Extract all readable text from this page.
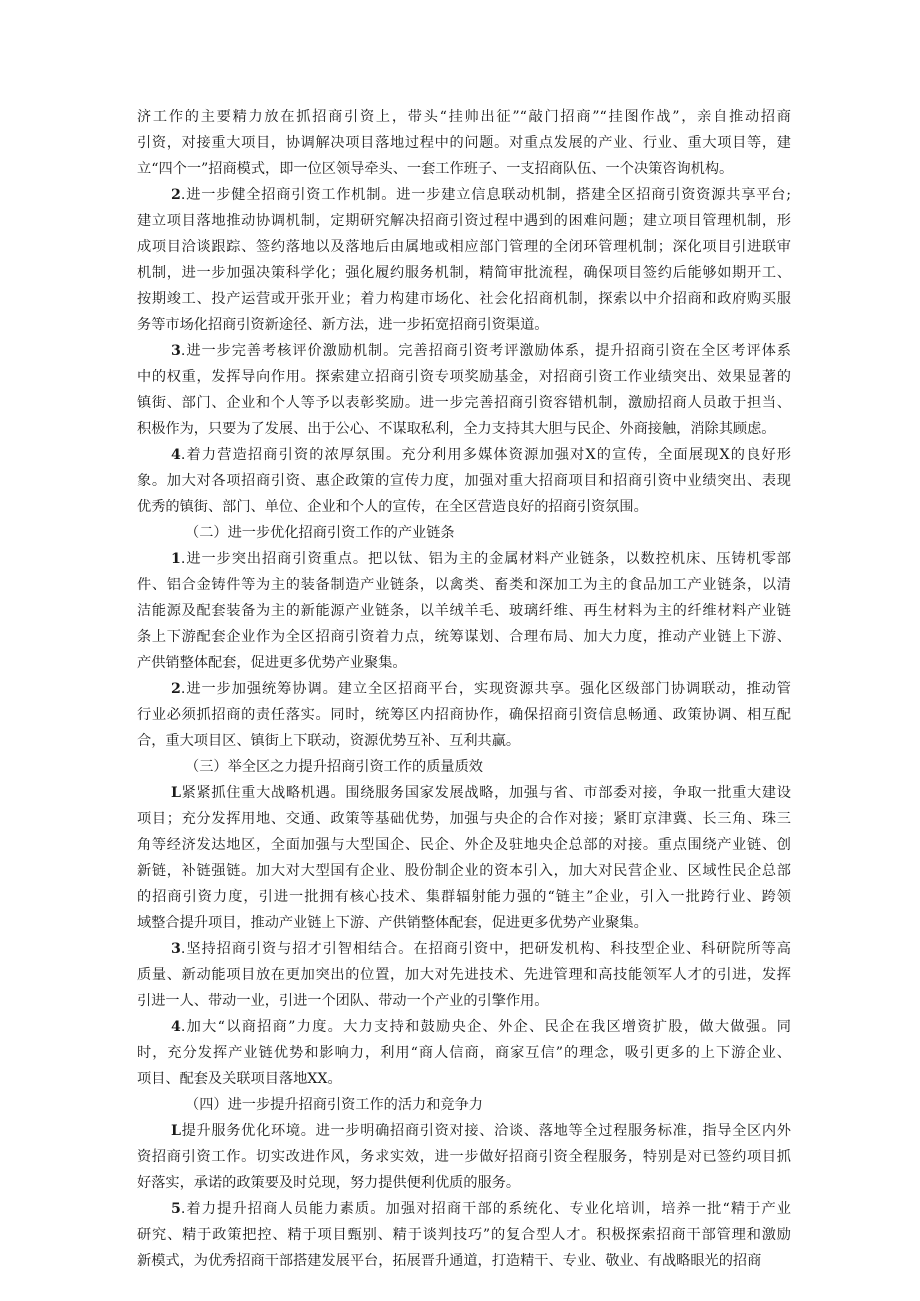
济工作的主要精力放在抓招商引资上，带头“挂帅出征”“敲门招商”“挂图作战”，亲自推动招商
引资，对接重大项目，协调解决项目落地过程中的问题。对重点发展的产业、行业、重大项目等，建
立“四个一”招商模式，即一位区领导牵头、一套工作班子、一支招商队伍、一个决策咨询机构。
2.进一步健全招商引资工作机制。进一步建立信息联动机制，搭建全区招商引资资源共享平台;
建立项目落地推动协调机制，定期研究解决招商引资过程中遇到的困难问题；建立项目管理机制，形
成项目洽谈跟踪、签约落地以及落地后由属地或相应部门管理的全闭环管理机制；深化项目引进联审
机制，进一步加强决策科学化；强化履约服务机制，精简审批流程，确保项目签约后能够如期开工、
按期竣工、投产运营或开张开业；着力构建市场化、社会化招商机制，探索以中介招商和政府购买服
务等市场化招商引资新途径、新方法，进一步拓宽招商引资渠道。
3.进一步完善考核评价激励机制。完善招商引资考评激励体系，提升招商引资在全区考评体系
中的权重，发挥导向作用。探索建立招商引资专项奖励基金，对招商引资工作业绩突出、效果显著的
镇街、部门、企业和个人等予以表彰奖励。进一步完善招商引资容错机制，激励招商人员敢于担当、
积极作为，只要为了发展、出于公心、不谋取私利，全力支持其大胆与民企、外商接触，消除其顾虑。
4.着力营造招商引资的浓厚氛围。充分利用多媒体资源加强对X的宣传，全面展现X的良好形
象。加大对各项招商引资、惠企政策的宣传力度，加强对重大招商项目和招商引资中业绩突出、表现
优秀的镇街、部门、单位、企业和个人的宣传，在全区营造良好的招商引资氛围。
（二）进一步优化招商引资工作的产业链条
1.进一步突出招商引资重点。把以钛、铝为主的金属材料产业链条，以数控机床、压铸机零部
件、铝合金铸件等为主的装备制造产业链条，以禽类、畜类和深加工为主的食品加工产业链条，以清
洁能源及配套装备为主的新能源产业链条，以羊绒羊毛、玻璃纤维、再生材料为主的纤维材料产业链
条上下游配套企业作为全区招商引资着力点，统筹谋划、合理布局、加大力度，推动产业链上下游、
产供销整体配套，促进更多优势产业聚集。
2.进一步加强统筹协调。建立全区招商平台，实现资源共享。强化区级部门协调联动，推动管
行业必须抓招商的责任落实。同时，统筹区内招商协作，确保招商引资信息畅通、政策协调、相互配
合，重大项目区、镇街上下联动，资源优势互补、互利共赢。
（三）举全区之力提升招商引资工作的质量质效
L紧紧抓住重大战略机遇。围绕服务国家发展战略，加强与省、市部委对接，争取一批重大建设
项目；充分发挥用地、交通、政策等基础优势，加强与央企的合作对接；紧盯京津冀、长三角、珠三
角等经济发达地区，全面加强与大型国企、民企、外企及驻地央企总部的对接。重点围绕产业链、创
新链，补链强链。加大对大型国有企业、股份制企业的资本引入，加大对民营企业、区域性民企总部
的招商引资力度，引进一批拥有核心技术、集群辐射能力强的“链主”企业，引入一批跨行业、跨领
域整合提升项目，推动产业链上下游、产供销整体配套，促进更多优势产业聚集。
3.坚持招商引资与招才引智相结合。在招商引资中，把研发机构、科技型企业、科研院所等高
质量、新动能项目放在更加突出的位置，加大对先进技术、先进管理和高技能领军人才的引进，发挥
引进一人、带动一业，引进一个团队、带动一个产业的引擎作用。
4.加大“以商招商”力度。大力支持和鼓励央企、外企、民企在我区增资扩股，做大做强。同
时，充分发挥产业链优势和影响力，利用“商人信商，商家互信”的理念，吸引更多的上下游企业、
项目、配套及关联项目落地XX。
（四）进一步提升招商引资工作的活力和竞争力
L提升服务优化环境。进一步明确招商引资对接、洽谈、落地等全过程服务标准，指导全区内外
资招商引资工作。切实改进作风，务求实效，进一步做好招商引资全程服务，特别是对已签约项目抓
好落实，承诺的政策要及时兑现，努力提供便利优质的服务。
5.着力提升招商人员能力素质。加强对招商干部的系统化、专业化培训，培养一批“精于产业
研究、精于政策把控、精于项目甄别、精于谈判技巧”的复合型人才。积极探索招商干部管理和激励
新模式，为优秀招商干部搭建发展平台，拓展晋升通道，打造精干、专业、敬业、有战略眼光的招商
